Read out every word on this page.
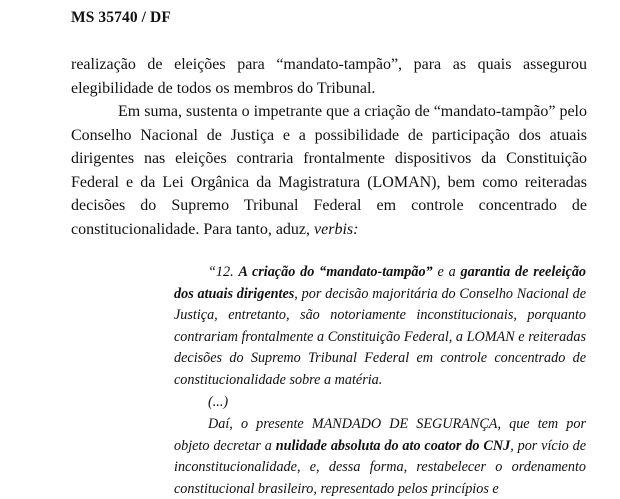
MS 35740 / DF

realização de eleições para “mandato-tampão”, para as quais assegurou elegibilidade de todos os membros do Tribunal.

Em suma, sustenta o impetrante que a criação de “mandato-tampão” pelo Conselho Nacional de Justiça e a possibilidade de participação dos atuais dirigentes nas eleições contraria frontalmente dispositivos da Constituição Federal e da Lei Orgânica da Magistratura (LOMAN), bem como reiteradas decisões do Supremo Tribunal Federal em controle concentrado de constitucionalidade. Para tanto, aduz, verbis:

“12. A criação do “mandato-tampão” e a garantia de reeleição dos atuais dirigentes, por decisão majoritária do Conselho Nacional de Justiça, entretanto, são notoriamente inconstitucionais, porquanto contrariam frontalmente a Constituição Federal, a LOMAN e reiteradas decisões do Supremo Tribunal Federal em controle concentrado de constitucionalidade sobre a matéria.

(...)

Daí, o presente MANDADO DE SEGURANÇA, que tem por objeto decretar a nulidade absoluta do ato coator do CNJ, por vício de inconstitucionalidade, e, dessa forma, restabelecer o ordenamento constitucional brasileiro, representado pelos princípios e
